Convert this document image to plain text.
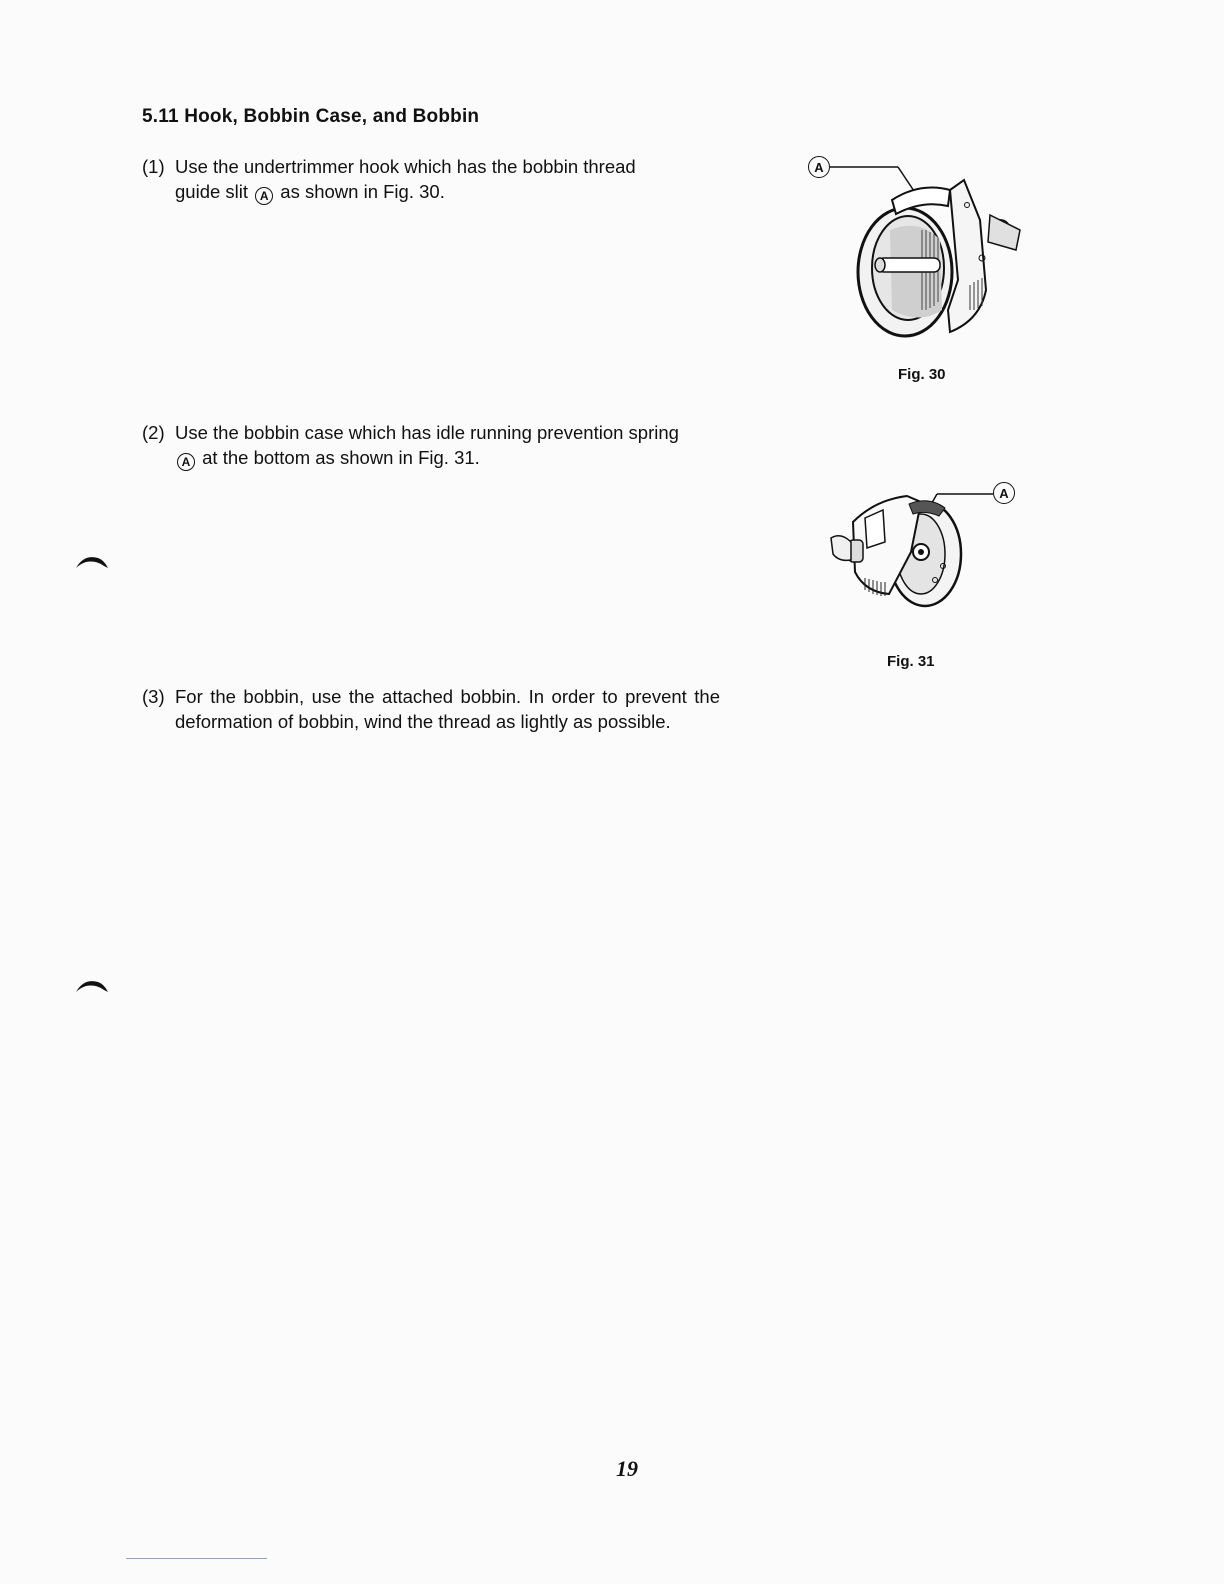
5.11 Hook, Bobbin Case, and Bobbin
(1) Use the undertrimmer hook which has the bobbin thread
guide slit A as shown in Fig. 30.
(2) Use the bobbin case which has idle running prevention spring
A at the bottom as shown in Fig. 31.
(3) For the bobbin, use the attached bobbin. In order to prevent the deformation of bobbin, wind the thread as lightly as possible.
A
Fig. 30
A
Fig. 31
19
